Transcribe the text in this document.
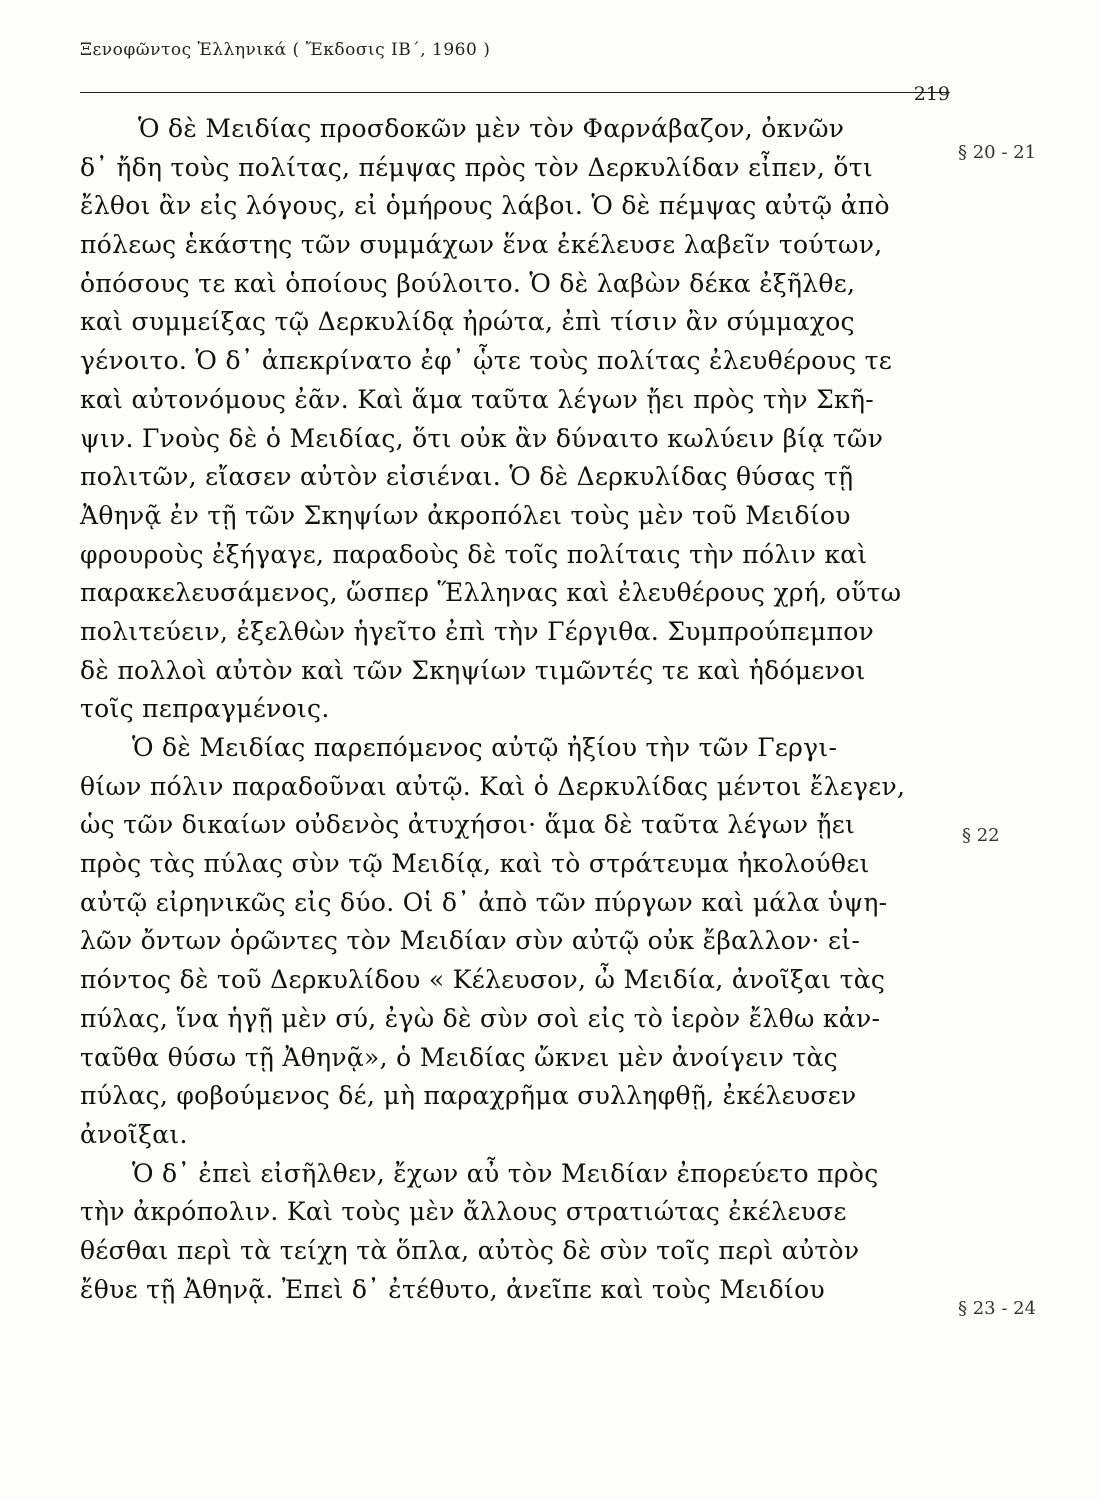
Ξενοφῶντος Ἑλληνικά ( Ἔκδοσις ΙΒ΄, 1960 )
219
§ 20 - 21
§ 22
§ 23 - 24
Ὁ δὲ Μειδίας προσδοκῶν μὲν τὸν Φαρνάβαζον, ὀκνῶν
δ᾽ ἤδη τοὺς πολίτας, πέμψας πρὸς τὸν Δερκυλίδαν εἶπεν, ὅτι
ἔλθοι ἂν εἰς λόγους, εἰ ὁμήρους λάβοι. Ὁ δὲ πέμψας αὐτῷ ἀπὸ
πόλεως ἑκάστης τῶν συμμάχων ἕνα ἐκέλευσε λαβεῖν τούτων,
ὁπόσους τε καὶ ὁποίους βούλοιτο. Ὁ δὲ λαβὼν δέκα ἐξῆλθε,
καὶ συμμείξας τῷ Δερκυλίδᾳ ἠρώτα, ἐπὶ τίσιν ἂν σύμμαχος
γένοιτο. Ὁ δ᾽ ἀπεκρίνατο ἐφ᾽ ᾧτε τοὺς πολίτας ἐλευθέρους τε
καὶ αὐτονόμους ἐᾶν. Καὶ ἅμα ταῦτα λέγων ᾔει πρὸς τὴν Σκῆ-
ψιν. Γνοὺς δὲ ὁ Μειδίας, ὅτι οὐκ ἂν δύναιτο κωλύειν βίᾳ τῶν
πολιτῶν, εἴασεν αὐτὸν εἰσιέναι. Ὁ δὲ Δερκυλίδας θύσας τῇ
Ἀθηνᾷ ἐν τῇ τῶν Σκηψίων ἀκροπόλει τοὺς μὲν τοῦ Μειδίου
φρουροὺς ἐξήγαγε, παραδοὺς δὲ τοῖς πολίταις τὴν πόλιν καὶ
παρακελευσάμενος, ὥσπερ Ἕλληνας καὶ ἐλευθέρους χρή, οὕτω
πολιτεύειν, ἐξελθὼν ἡγεῖτο ἐπὶ τὴν Γέργιθα. Συμπρούπεμπον
δὲ πολλοὶ αὐτὸν καὶ τῶν Σκηψίων τιμῶντές τε καὶ ἡδόμενοι
τοῖς πεπραγμένοις.
Ὁ δὲ Μειδίας παρεπόμενος αὐτῷ ἠξίου τὴν τῶν Γεργι-
θίων πόλιν παραδοῦναι αὐτῷ. Καὶ ὁ Δερκυλίδας μέντοι ἔλεγεν,
ὡς τῶν δικαίων οὐδενὸς ἀτυχήσοι· ἅμα δὲ ταῦτα λέγων ᾔει
πρὸς τὰς πύλας σὺν τῷ Μειδίᾳ, καὶ τὸ στράτευμα ἠκολούθει
αὐτῷ εἰρηνικῶς εἰς δύο. Οἱ δ᾽ ἀπὸ τῶν πύργων καὶ μάλα ὑψη-
λῶν ὄντων ὁρῶντες τὸν Μειδίαν σὺν αὐτῷ οὐκ ἔβαλλον· εἰ-
πόντος δὲ τοῦ Δερκυλίδου « Κέλευσον, ὦ Μειδία, ἀνοῖξαι τὰς
πύλας, ἵνα ἡγῇ μὲν σύ, ἐγὼ δὲ σὺν σοὶ εἰς τὸ ἱερὸν ἔλθω κἀν-
ταῦθα θύσω τῇ Ἀθηνᾷ», ὁ Μειδίας ὤκνει μὲν ἀνοίγειν τὰς
πύλας, φοβούμενος δέ, μὴ παραχρῆμα συλληφθῇ, ἐκέλευσεν
ἀνοῖξαι.
Ὁ δ᾽ ἐπεὶ εἰσῆλθεν, ἔχων αὖ τὸν Μειδίαν ἐπορεύετο πρὸς
τὴν ἀκρόπολιν. Καὶ τοὺς μὲν ἄλλους στρατιώτας ἐκέλευσε
θέσθαι περὶ τὰ τείχη τὰ ὅπλα, αὐτὸς δὲ σὺν τοῖς περὶ αὐτὸν
ἔθυε τῇ Ἀθηνᾷ. Ἐπεὶ δ᾽ ἐτέθυτο, ἀνεῖπε καὶ τοὺς Μειδίου
